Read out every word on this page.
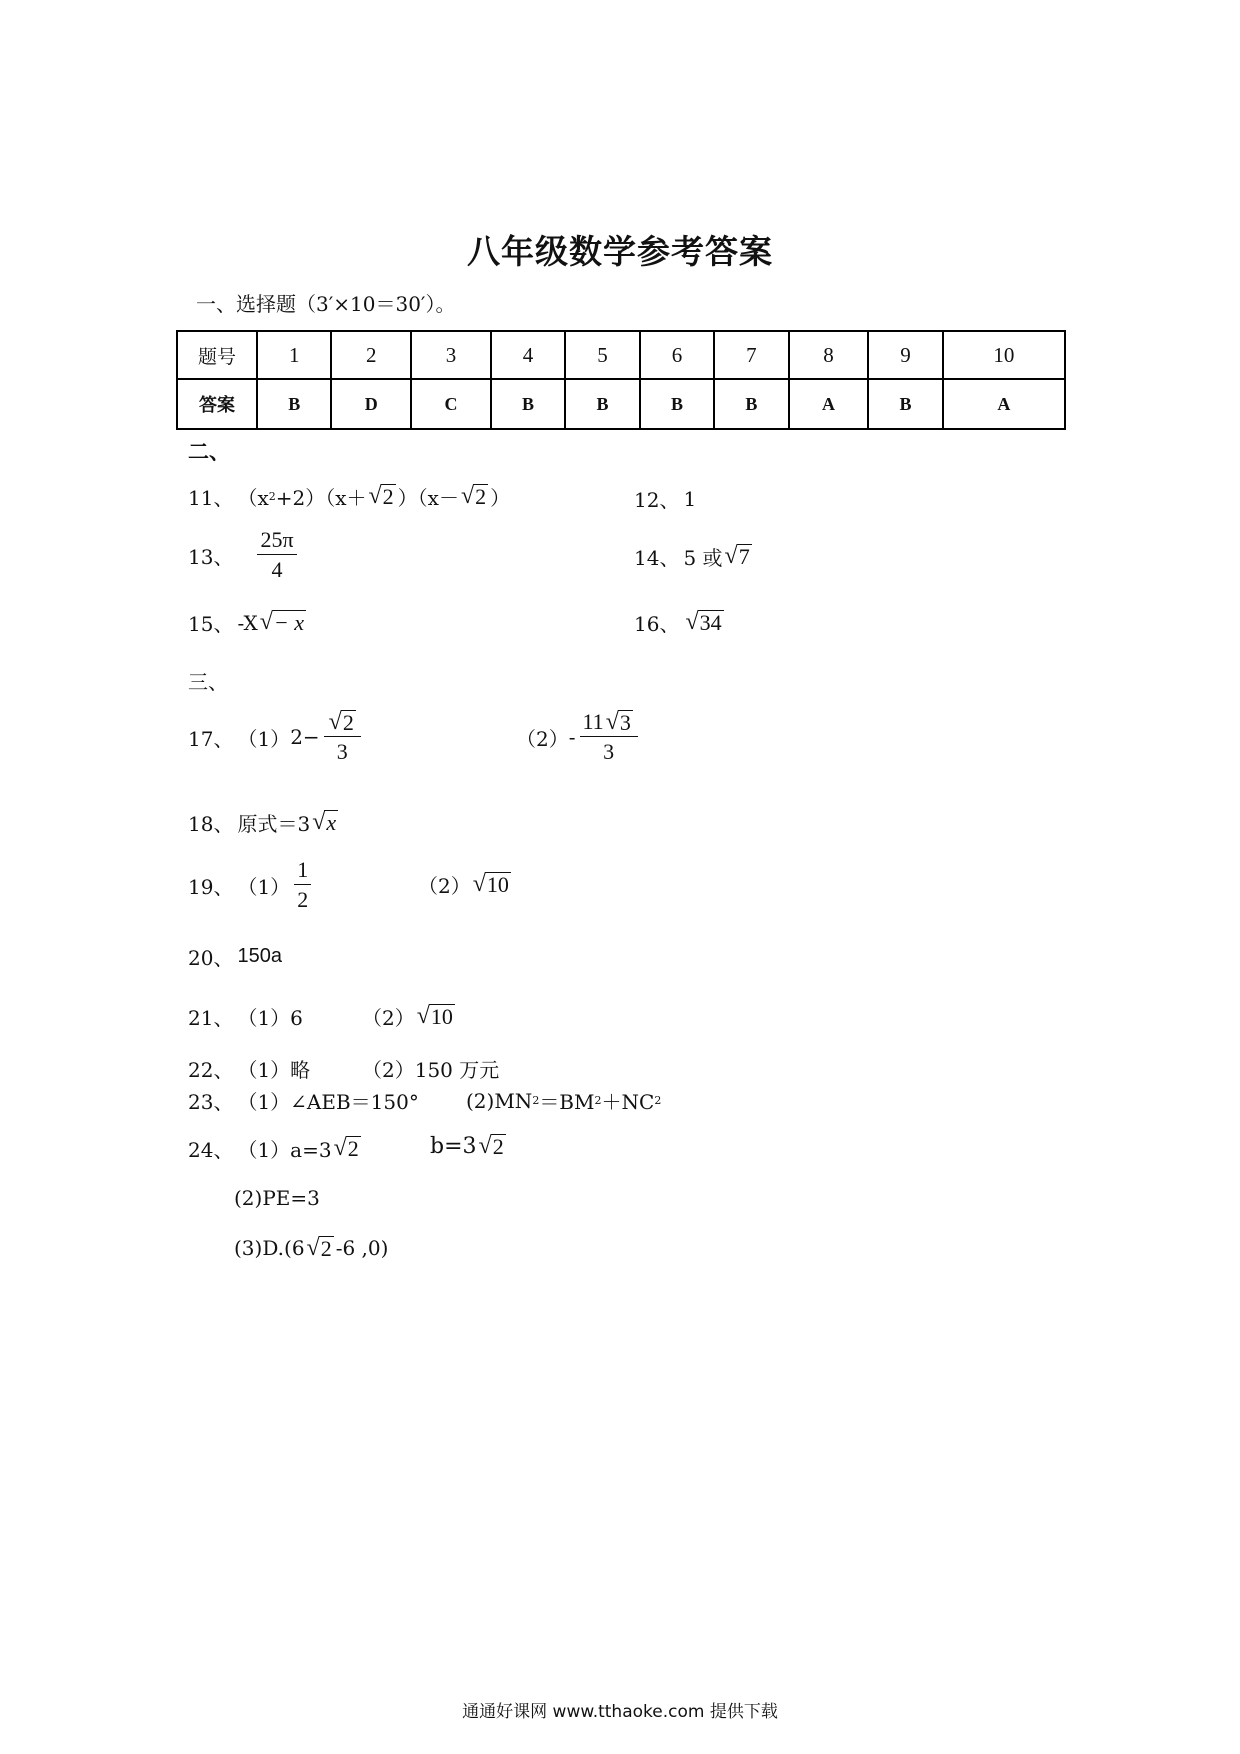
八年级数学参考答案
一、选择题（3′×10＝30′）。
题号	1	2	3	4	5	6	7	8	9	10
答案	B	D	C	B	B	B	B	A	B	A
二、
11、 （x 2 +2）（x＋ √ 2 ）（x－ √ 2 ）	12、 1
13、 $\frac{25\pi}{4}$	14、 5 或 √ 7
15、 -X √ − x	16、 √ 34
三、
17、 （1） $2- \frac{√ 2}{3}$	$(2) - \frac{11 √ 3}{3}$
18、 原式＝3 √ x
19、 $(1) \frac{1}{2}$	（2） √ 10
20、 150a
21、 （1）6	（2） √ 10
22、 （1）略	（2）150 万元
23、 （1）∠AEB＝150° (2)MN 2 ＝BM 2 ＋NC 2
24、 （1）a=3 √ 2	b=3 √ 2
(2)PE=3
(3)D.(6 √ 2 -6 ,0)
通通好课网 www.tthaoke.com 提供下载
